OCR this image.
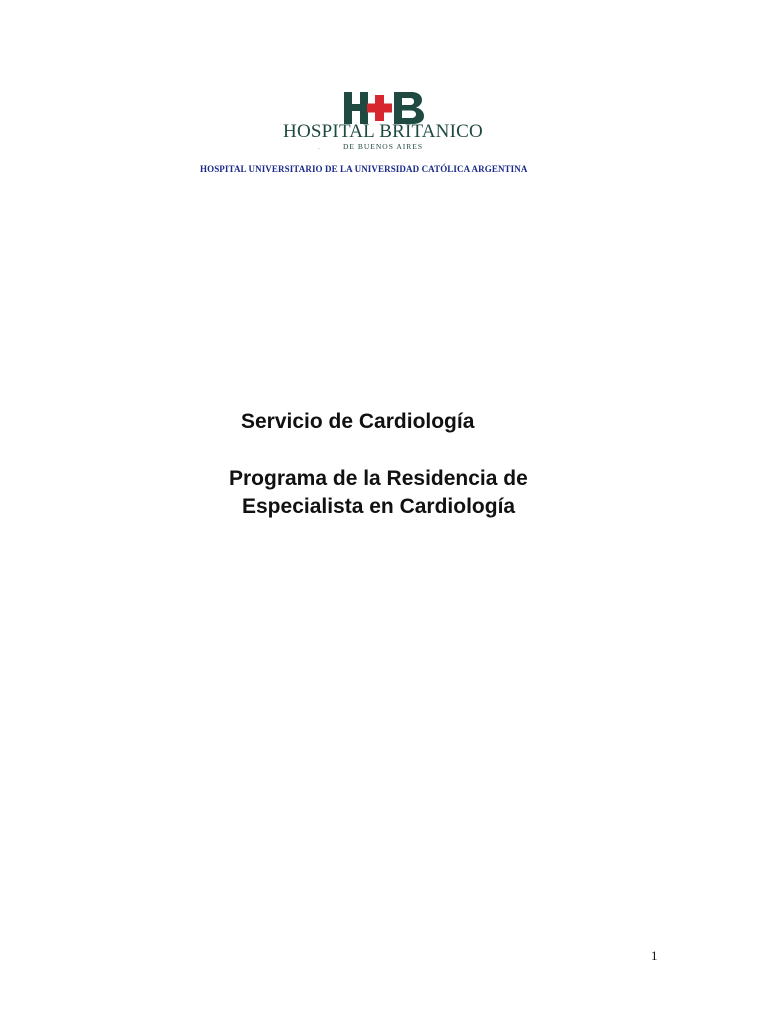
HOSPITAL BRITANICO
DE BUENOS AIRES
·
HOSPITAL UNIVERSITARIO DE LA UNIVERSIDAD CATÓLICA ARGENTINA
Servicio de Cardiología
Programa de la Residencia de
Especialista en Cardiología
1
